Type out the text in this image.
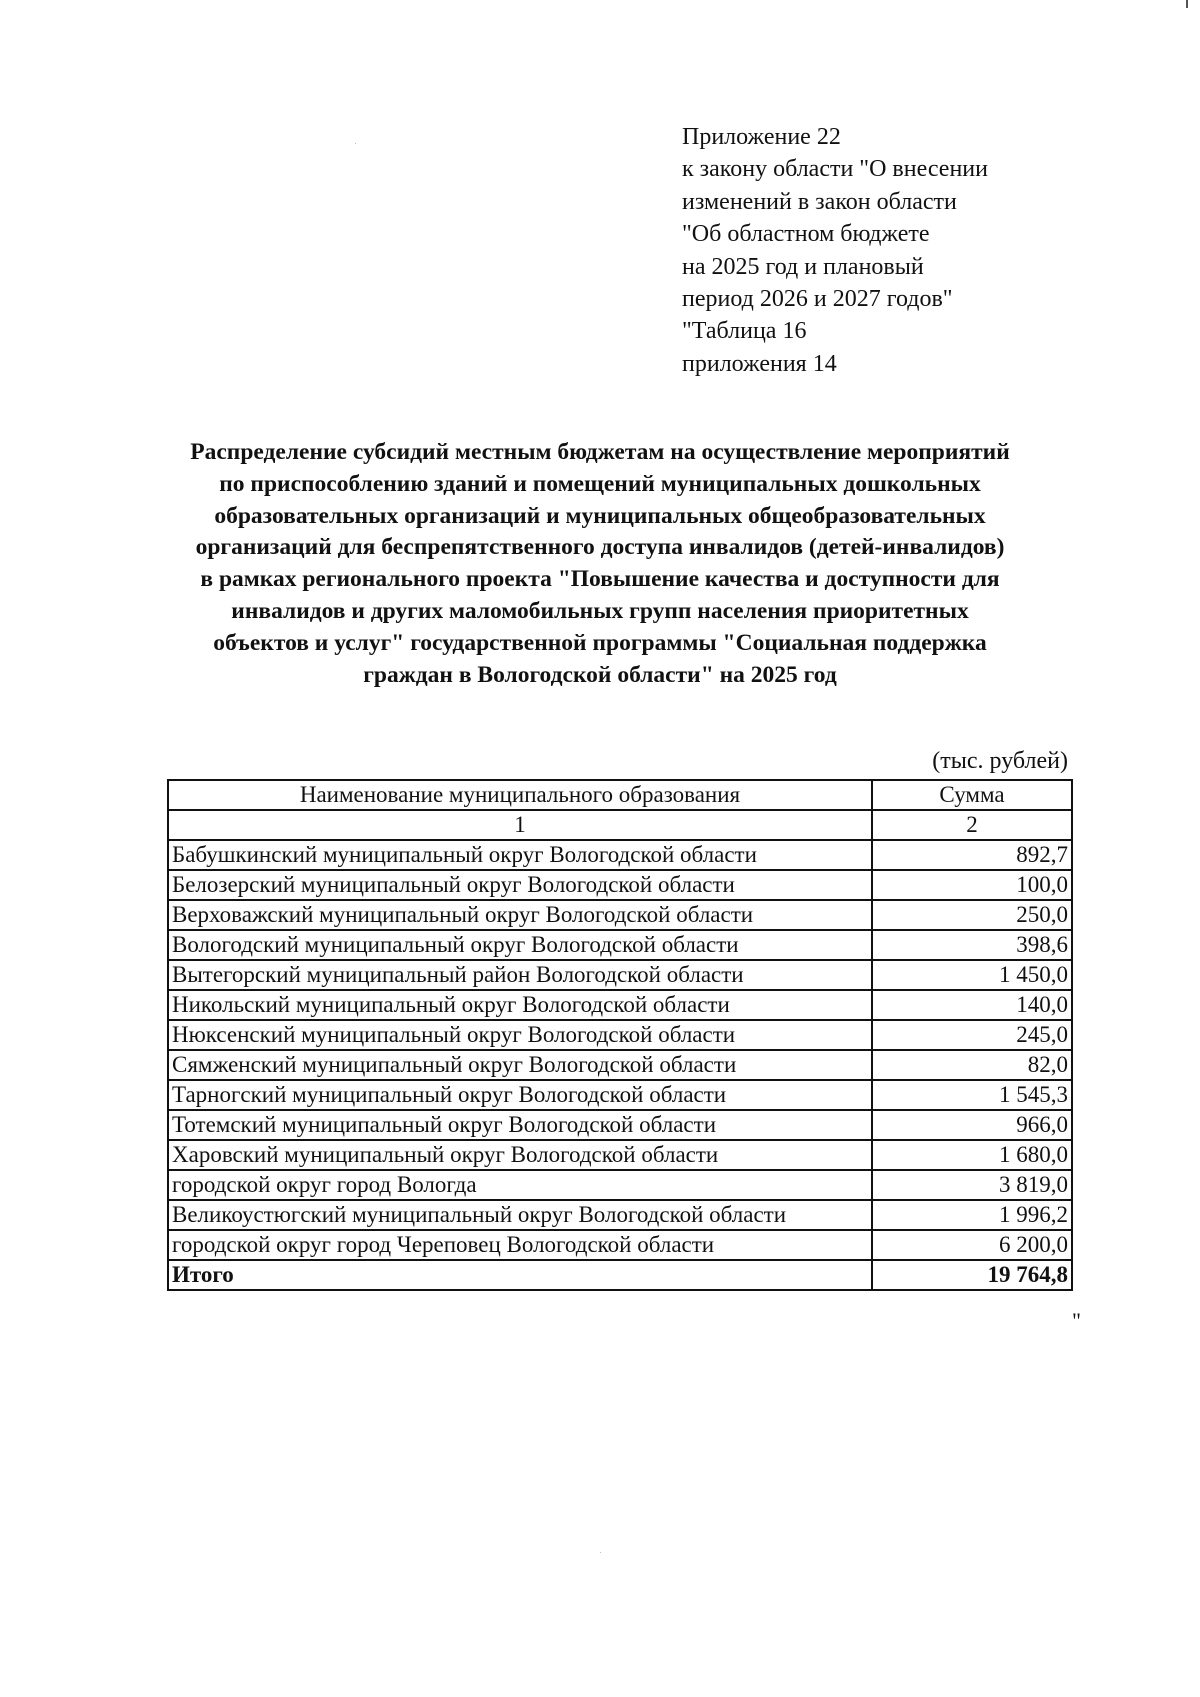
Приложение 22
к закону области "О внесении
изменений в закон области
"Об областном бюджете
на 2025 год и плановый
период 2026 и 2027 годов"
"Таблица 16
приложения 14
Распределение субсидий местным бюджетам на осуществление мероприятий
по приспособлению зданий и помещений муниципальных дошкольных
образовательных организаций и муниципальных общеобразовательных
организаций для беспрепятственного доступа инвалидов (детей-инвалидов)
в рамках регионального проекта "Повышение качества и доступности для
инвалидов и других маломобильных групп населения приоритетных
объектов и услуг" государственной программы "Социальная поддержка
граждан в Вологодской области" на 2025 год
(тыс. рублей)
Наименование муниципального образования	Сумма
1	2
Бабушкинский муниципальный округ Вологодской области	892,7
Белозерский муниципальный округ Вологодской области	100,0
Верховажский муниципальный округ Вологодской области	250,0
Вологодский муниципальный округ Вологодской области	398,6
Вытегорский муниципальный район Вологодской области	1 450,0
Никольский муниципальный округ Вологодской области	140,0
Нюксенский муниципальный округ Вологодской области	245,0
Сямженский муниципальный округ Вологодской области	82,0
Тарногский муниципальный округ Вологодской области	1 545,3
Тотемский муниципальный округ Вологодской области	966,0
Харовский муниципальный округ Вологодской области	1 680,0
городской округ город Вологда	3 819,0
Великоустюгский муниципальный округ Вологодской области	1 996,2
городской округ город Череповец Вологодской области	6 200,0
Итого	19 764,8
"
